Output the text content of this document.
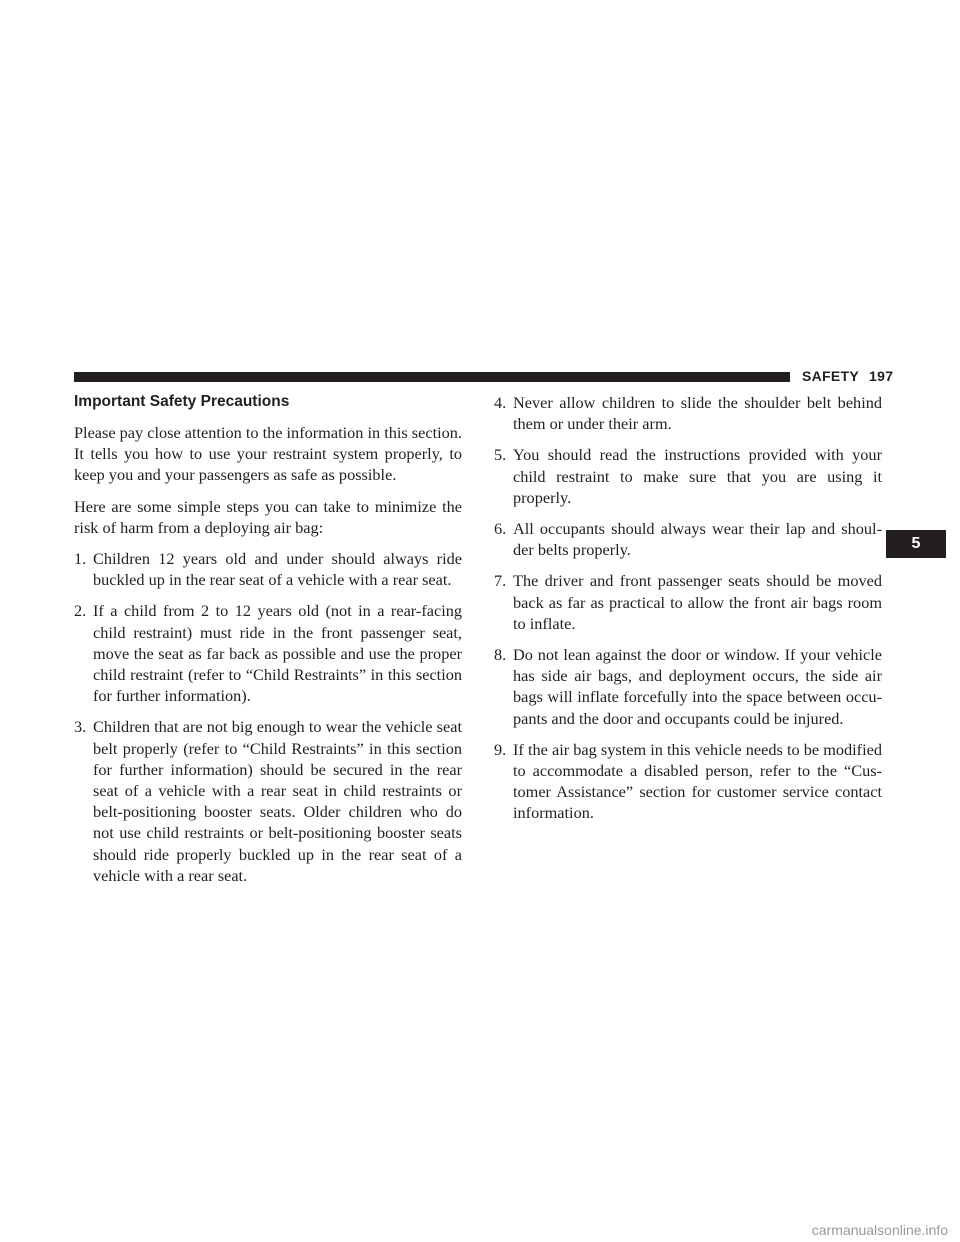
SAFETY 197
Important Safety Precautions

Please pay close attention to the information in this section. It tells you how to use your restraint system properly, to keep you and your passengers as safe as possible.

Here are some simple steps you can take to minimize the risk of harm from a deploying air bag:

1. Children 12 years old and under should always ride buckled up in the rear seat of a vehicle with a rear seat.
2. If a child from 2 to 12 years old (not in a rear-facing child restraint) must ride in the front passenger seat, move the seat as far back as possible and use the proper child restraint (refer to “Child Restraints” in this section for further information).
3. Children that are not big enough to wear the vehicle seat belt properly (refer to “Child Restraints” in this section for further information) should be secured in the rear seat of a vehicle with a rear seat in child restraints or belt-positioning booster seats. Older children who do not use child restraints or belt-positioning booster seats should ride properly buckled up in the rear seat of a vehicle with a rear seat.
4. Never allow children to slide the shoulder belt behind them or under their arm.
5. You should read the instructions provided with your child restraint to make sure that you are using it properly.
6. All occupants should always wear their lap and shoul-der belts properly.
7. The driver and front passenger seats should be moved back as far as practical to allow the front air bags room to inflate.
8. Do not lean against the door or window. If your vehicle has side air bags, and deployment occurs, the side air bags will inflate forcefully into the space between occu-pants and the door and occupants could be injured.
9. If the air bag system in this vehicle needs to be modified to accommodate a disabled person, refer to the “Cus-tomer Assistance” section for customer service contact information.
5
carmanualsonline.info
